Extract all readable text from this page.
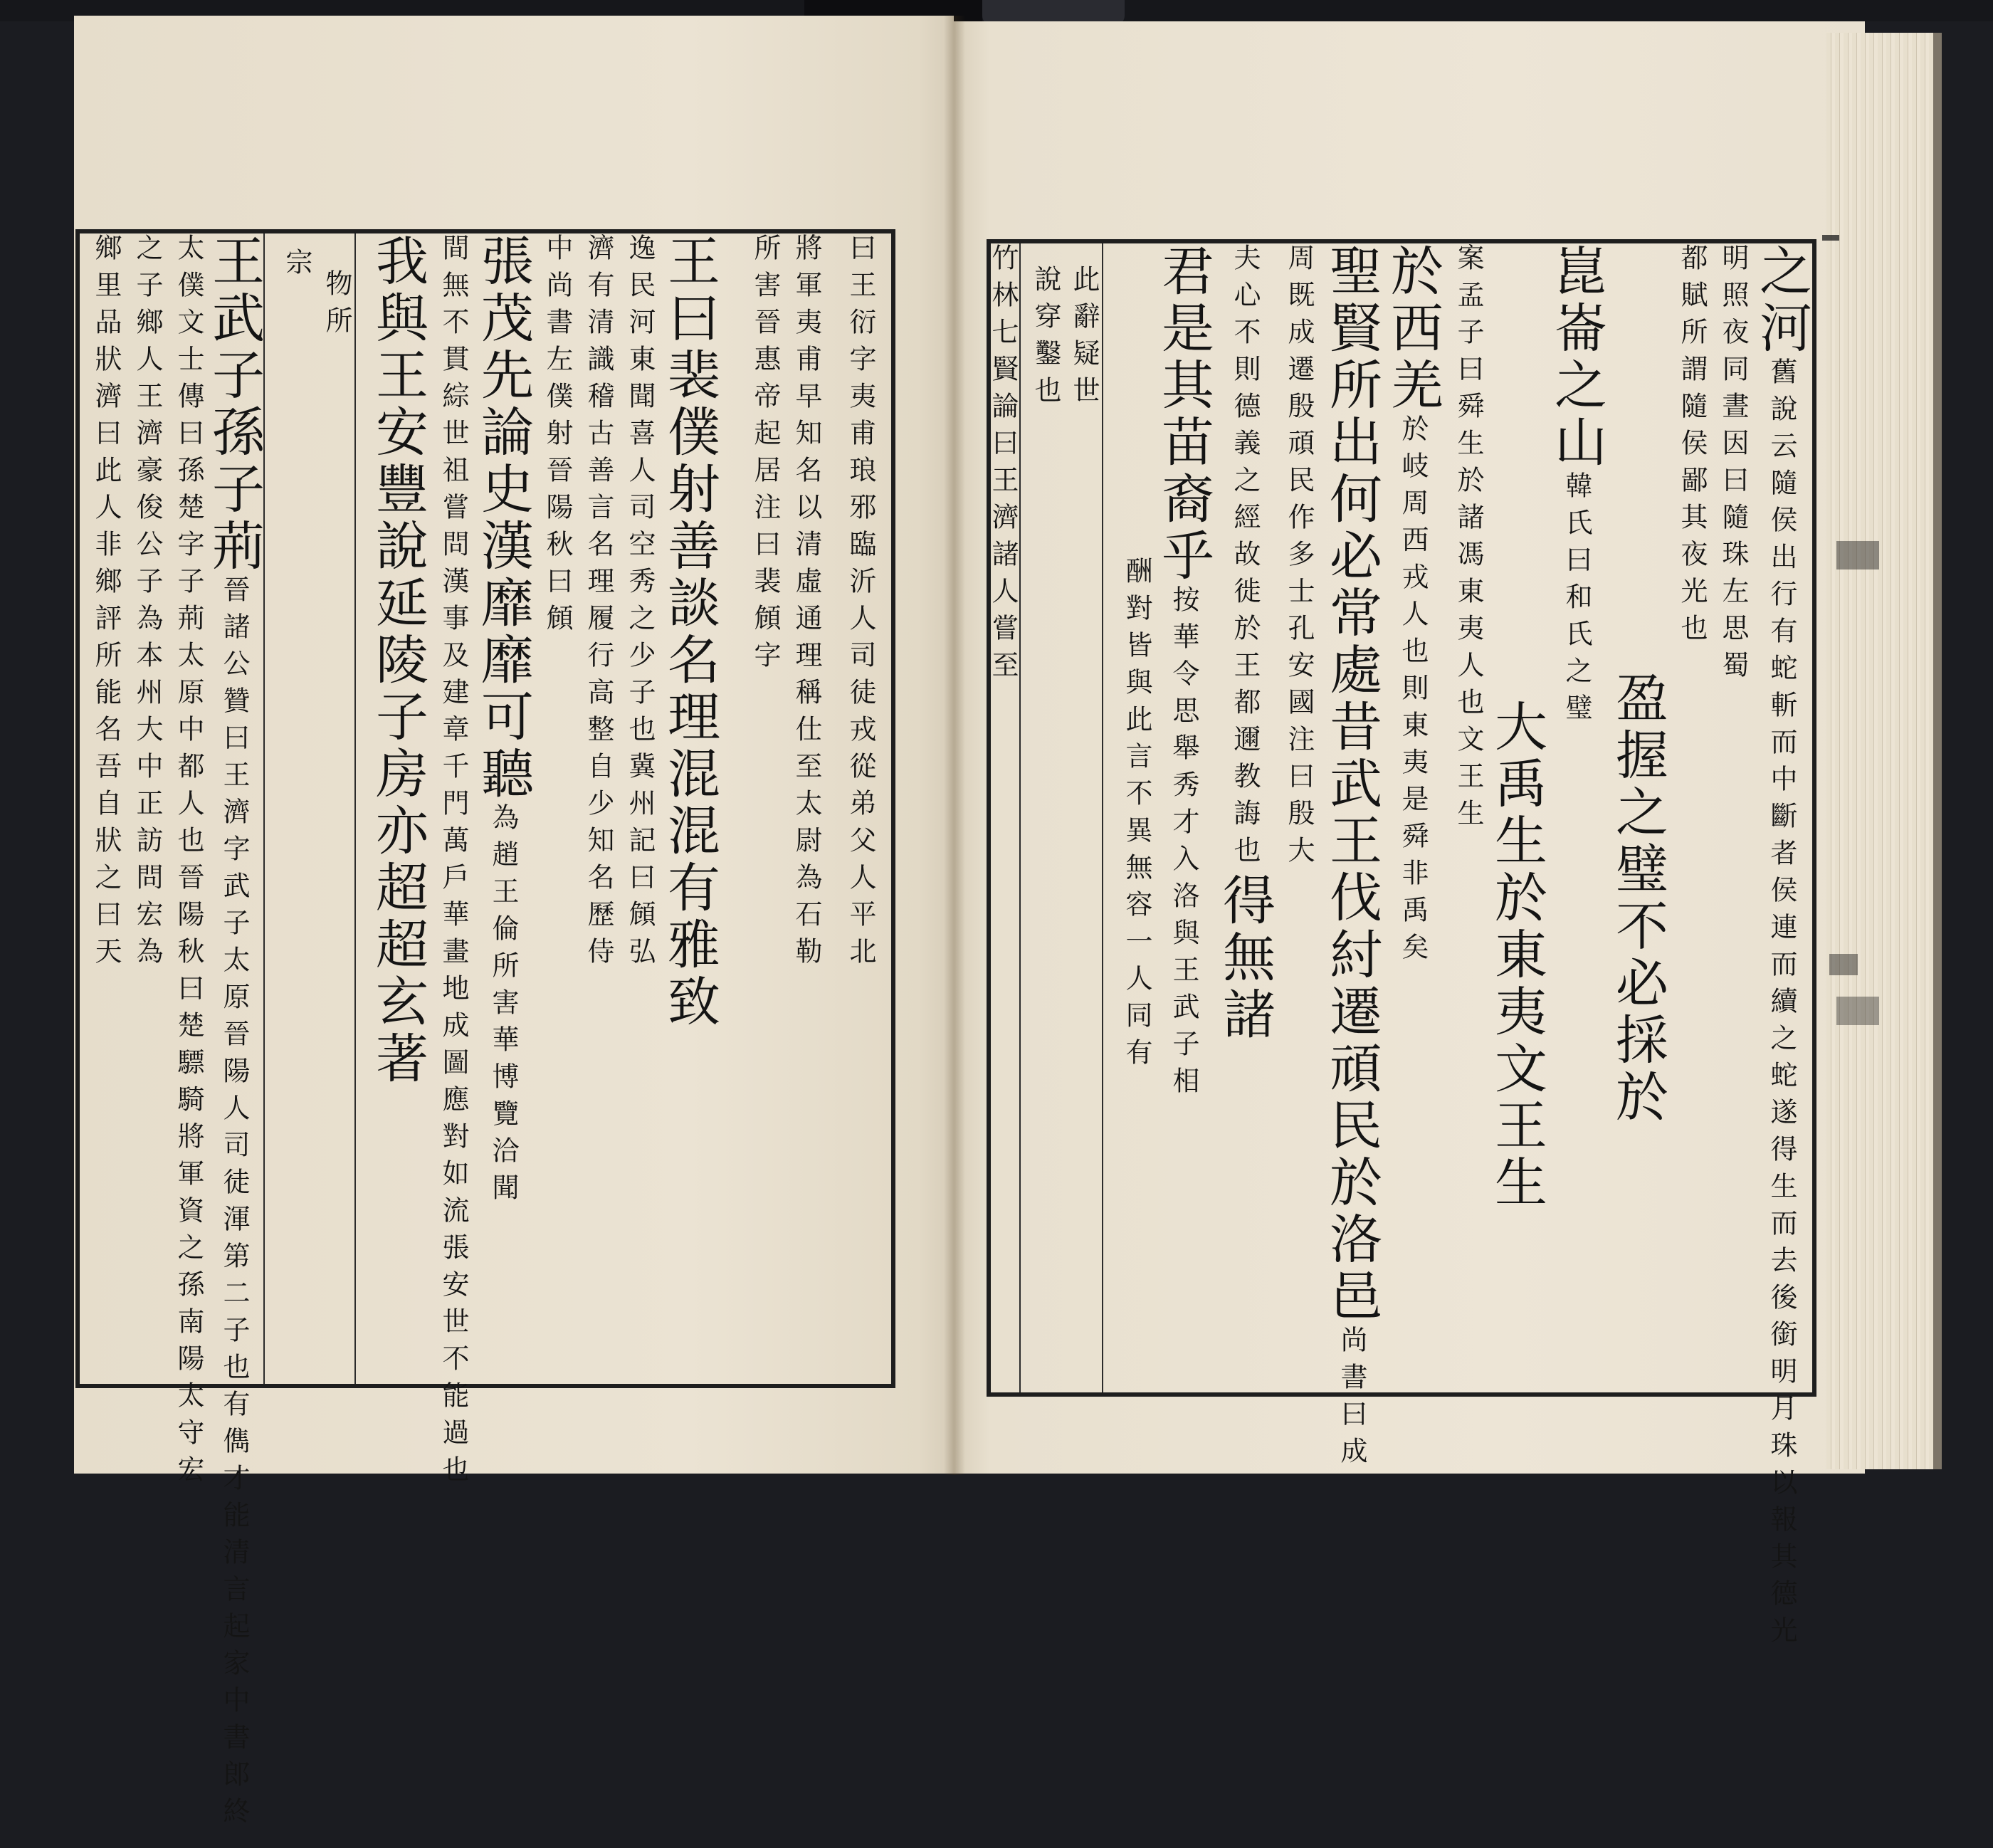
曰王衍字夷甫琅邪臨沂人司徒戎從弟父人平北
將軍夷甫早知名以清虛通理稱仕至太尉為石勒
所害晉惠帝起居注曰裴頠字
王曰裴僕射善談名理混混有雅致
逸民河東聞喜人司空秀之少子也冀州記曰頠弘
濟有清識稽古善言名理履行高整自少知名歷侍
中尚書左僕射晉陽秋曰頠
張茂先論史漢靡靡可聽為趙王倫所害華博覽洽聞
間無不貫綜世祖嘗問漢事及建章千門萬戶華畫地成圖應對如流張安世不能過也
我與王安豐說延陵子房亦超超玄著
物所
宗
王武子孫子荊晉諸公贊曰王濟字武子太原晉陽人司徒渾第二子也有儁才能清言起家中書郎終
太僕文士傳曰孫楚字子荊太原中都人也晉陽秋曰楚驃騎將軍資之孫南陽太守宏
之子鄉人王濟豪俊公子為本州大中正訪問宏為
鄉里品狀濟曰此人非鄉評所能名吾自狀之曰天	之河舊說云隨侯出行有蛇斬而中斷者侯連而續之蛇遂得生而去後銜明月珠以報其德光
明照夜同晝因曰隨珠左思蜀
都賦所謂隨侯鄙其夜光也
盈握之璧不必採於
崑崙之山韓氏曰和氏之璧
大禹生於東夷文王生
案孟子曰舜生於諸馮東夷人也文王生
於西羌於岐周西戎人也則東夷是舜非禹矣
聖賢所出何必常處昔武王伐紂遷頑民於洛邑尚書曰成
周既成遷殷頑民作多士孔安國注曰殷大
夫心不則德義之經故徙於王都邇教誨也得無諸
君是其苗裔乎按華令思舉秀才入洛與王武子相
酬對皆與此言不異無容一人同有
此辭疑世
說穿鑿也
竹林七賢論曰王濟諸人嘗至
